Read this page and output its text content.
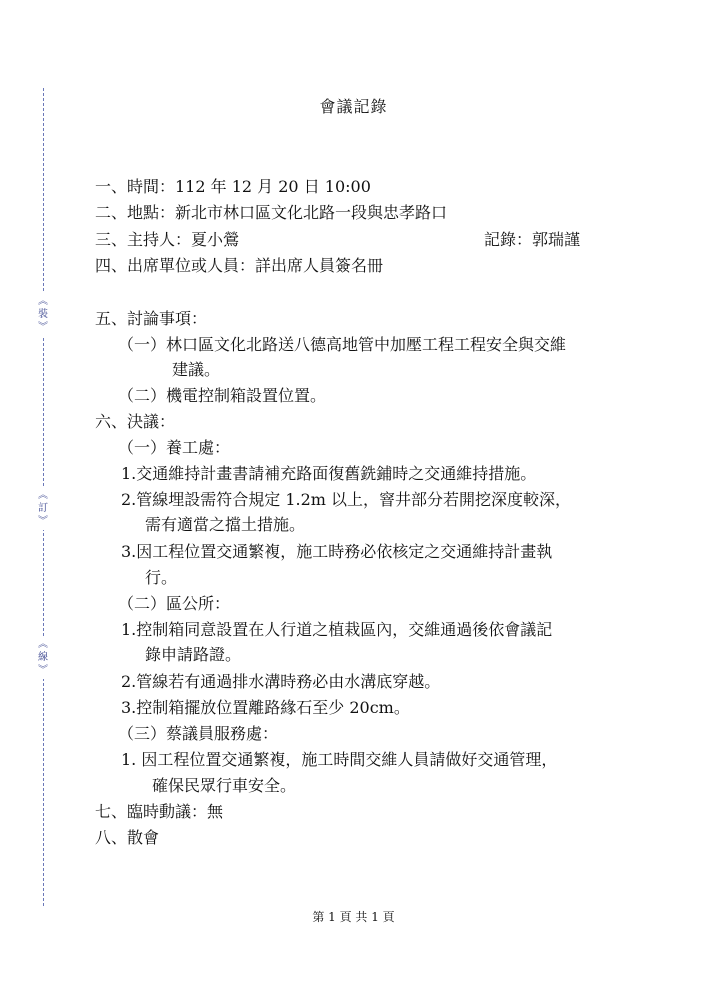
︽
裝
︾
︽
訂
︾
︽
線
︾
會議記錄
一、時間：112 年 12 月 20 日 10:00
二、地點：新北市林口區文化北路一段與忠孝路口
三、主持人：夏小鶯	記錄：郭瑞謹
四、出席單位或人員：詳出席人員簽名冊
五、討論事項：
（一）林口區文化北路送八德高地管中加壓工程工程安全與交維
建議。
（二）機電控制箱設置位置。
六、決議：
（一）養工處：
1.交通維持計畫書請補充路面復舊銑鋪時之交通維持措施。
2.管線埋設需符合規定 1.2m 以上，窨井部分若開挖深度較深，
需有適當之擋土措施。
3.因工程位置交通繁複，施工時務必依核定之交通維持計畫執
行。
（二）區公所：
1.控制箱同意設置在人行道之植栽區內，交維通過後依會議記
錄申請路證。
2.管線若有通過排水溝時務必由水溝底穿越。
3.控制箱擺放位置離路緣石至少 20cm。
（三）蔡議員服務處：
1. 因工程位置交通繁複，施工時間交維人員請做好交通管理，
確保民眾行車安全。
七、臨時動議：無
八、散會
第 1 頁 共 1 頁
